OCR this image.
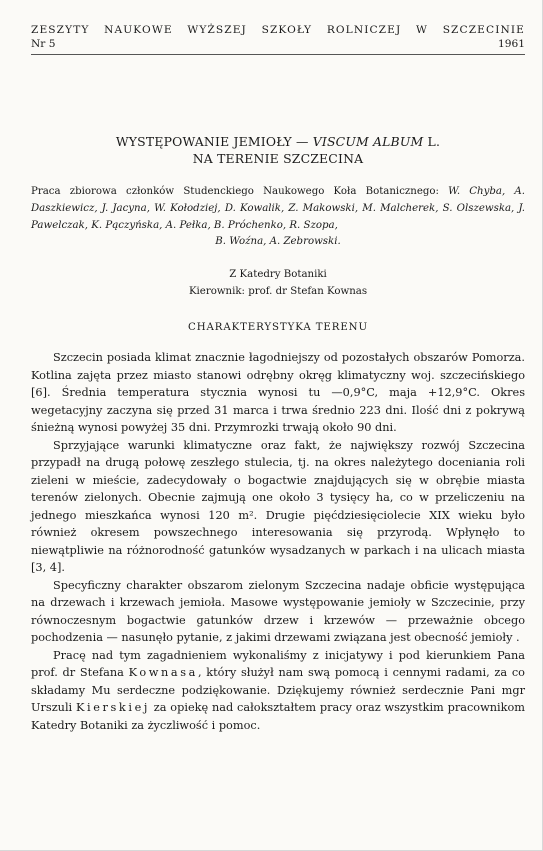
ZESZYTY NAUKOWE WYŻSZEJ SZKOŁY ROLNICZEJ W SZCZECINIE
Nr 5	1961
WYSTĘPOWANIE JEMIOŁY — VISCUM ALBUM L.
NA TERENIE SZCZECINA
Praca zbiorowa członków Studenckiego Naukowego Koła Botanicznego: W. Chyba, A. Daszkiewicz, J. Jacyna, W. Kołodziej, D. Kowalik, Z. Makowski, M. Malcherek, S. Olszewska, J. Pawelczak, K. Pączyńska, A. Pełka, B. Próchenko, R. Szopa,
B. Woźna, A. Zebrowski.
Z Katedry Botaniki
Kierownik: prof. dr Stefan Kownas
CHARAKTERYSTYKA TERENU

Szczecin posiada klimat znacznie łagodniejszy od pozostałych obszarów Pomorza. Kotlina zajęta przez miasto stanowi odrębny okręg klimatyczny woj. szczecińskiego [6]. Średnia temperatura stycznia wynosi tu —0,9°C, maja +12,9°C. Okres wegetacyjny zaczyna się przed 31 marca i trwa średnio 223 dni. Ilość dni z pokrywą śnieżną wynosi powyżej 35 dni. Przymrozki trwają około 90 dni.

Sprzyjające warunki klimatyczne oraz fakt, że największy rozwój Szczecina przypadł na drugą połowę zeszłego stulecia, tj. na okres należytego doceniania roli zieleni w mieście, zadecydowały o bogactwie znajdujących się w obrębie miasta terenów zielonych. Obecnie zajmują one około 3 tysięcy ha, co w przeliczeniu na jednego mieszkańca wynosi 120 m². Drugie pięćdziesięciolecie XIX wieku było również okresem powszechnego interesowania się przyrodą. Wpłynęło to niewątpliwie na różnorodność gatunków wysadzanych w parkach i na ulicach miasta [3, 4].

Specyficzny charakter obszarom zielonym Szczecina nadaje obficie występująca na drzewach i krzewach jemioła. Masowe występowanie jemioły w Szczecinie, przy równoczesnym bogactwie gatunków drzew i krzewów — przeważnie obcego pochodzenia — nasunęło pytanie, z jakimi drzewami związana jest obecność jemioły .

Pracę nad tym zagadnieniem wykonaliśmy z inicjatywy i pod kierunkiem Pana prof. dr Stefana Kownasa, który służył nam swą pomocą i cennymi radami, za co składamy Mu serdeczne podziękowanie. Dziękujemy również serdecznie Pani mgr Urszuli Kierskiej za opiekę nad całokształtem pracy oraz wszystkim pracownikom Katedry Botaniki za życzliwość i pomoc.
